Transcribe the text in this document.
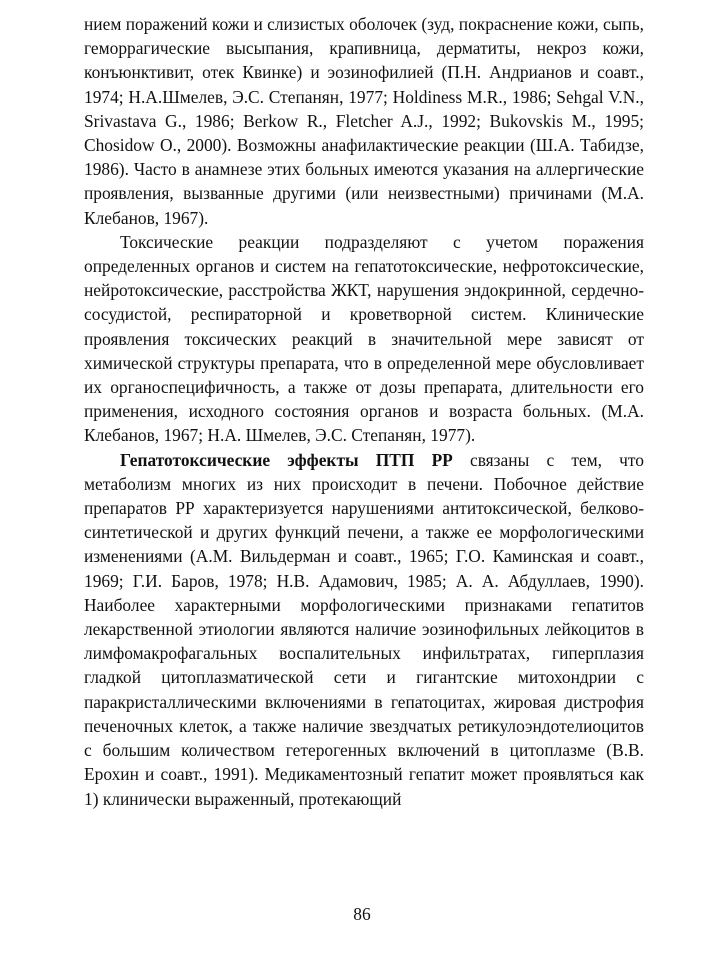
нием поражений кожи и слизистых оболочек (зуд, покраснение кожи, сыпь, геморрагические высыпания, крапивница, дерматиты, некроз кожи, конъюнктивит, отек Квинке) и эозинофилией (П.Н. Андрианов и соавт., 1974; Н.А.Шмелев, Э.С. Степанян, 1977; Holdiness M.R., 1986; Sehgal V.N., Srivastava G., 1986; Berkow R., Fletcher A.J., 1992; Bukovskis M., 1995; Chosidow O., 2000). Возможны анафилактические реакции (Ш.А. Табидзе, 1986). Часто в анамнезе этих больных имеются указания на аллергические проявления, вызванные другими (или неизвестными) причинами (М.А. Клебанов, 1967).

Токсические реакции подразделяют с учетом поражения определенных органов и систем на гепатотоксические, нефротоксические, нейротоксические, расстройства ЖКТ, нарушения эндокринной, сердечно-сосудистой, респираторной и кроветворной систем. Клинические проявления токсических реакций в значительной мере зависят от химической структуры препарата, что в определенной мере обусловливает их органоспецифичность, а также от дозы препарата, длительности его применения, исходного состояния органов и возраста больных. (М.А. Клебанов, 1967; Н.А. Шмелев, Э.С. Степанян, 1977).

Гепатотоксические эффекты ПТП РР связаны с тем, что метаболизм многих из них происходит в печени. Побочное действие препаратов РР характеризуется нарушениями антитоксической, белково-синтетической и других функций печени, а также ее морфологическими изменениями (А.М. Вильдерман и соавт., 1965; Г.О. Каминская и соавт., 1969; Г.И. Баров, 1978; Н.В. Адамович, 1985; А. А. Абдуллаев, 1990). Наиболее характерными морфологическими признаками гепатитов лекарственной этиологии являются наличие эозинофильных лейкоцитов в лимфомакрофагальных воспалительных инфильтратах, гиперплазия гладкой цитоплазматической сети и гигантские митохондрии с паракристаллическими включениями в гепатоцитах, жировая дистрофия печеночных клеток, а также наличие звездчатых ретикулоэндотелиоцитов с большим количеством гетерогенных включений в цитоплазме (В.В. Ерохин и соавт., 1991). Медикаментозный гепатит может проявляться как 1) клинически выраженный, протекающий

86
